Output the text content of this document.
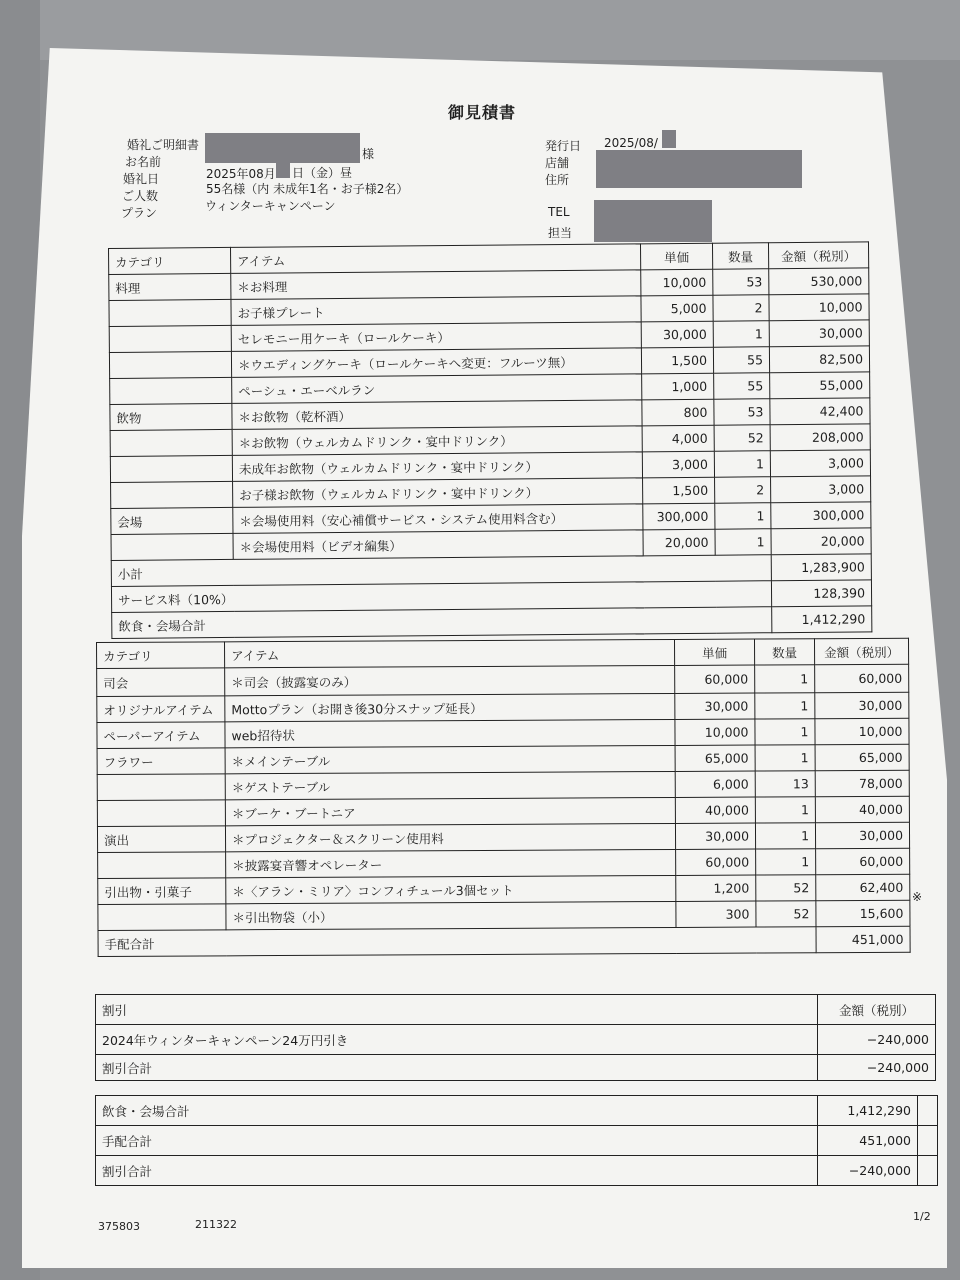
御見積書
婚礼ご明細書
お名前
様
婚礼日	2025年08月 日（金）昼
ご人数	55名様（内 未成年1名・お子様2名）
プラン	ウィンターキャンペーン
発行日 2025/08/
店舗
住所
TEL
担当
カテゴリ	アイテム	単価	数量	金額（税別）
料理	＊お料理	10,000	53	530,000
	お子様プレート	5,000	2	10,000
	セレモニー用ケーキ（ロールケーキ）	30,000	1	30,000
	＊ウエディングケーキ（ロールケーキへ変更：フルーツ無）	1,500	55	82,500
	ペーシュ・エーベルラン	1,000	55	55,000
飲物	＊お飲物（乾杯酒）	800	53	42,400
	＊お飲物（ウェルカムドリンク・宴中ドリンク）	4,000	52	208,000
	未成年お飲物（ウェルカムドリンク・宴中ドリンク）	3,000	1	3,000
	お子様お飲物（ウェルカムドリンク・宴中ドリンク）	1,500	2	3,000
会場	＊会場使用料（安心補償サービス・システム使用料含む）	300,000	1	300,000
	＊会場使用料（ビデオ編集）	20,000	1	20,000
小計				1,283,900
サービス料（10%）				128,390
飲食・会場合計				1,412,290
カテゴリ	アイテム	単価	数量	金額（税別）
司会	＊司会（披露宴のみ）	60,000	1	60,000
オリジナルアイテム	Mottoプラン（お開き後30分スナップ延長）	30,000	1	30,000
ペーパーアイテム	web招待状	10,000	1	10,000
フラワー	＊メインテーブル	65,000	1	65,000
	＊ゲストテーブル	6,000	13	78,000
	＊ブーケ・ブートニア	40,000	1	40,000
演出	＊プロジェクター＆スクリーン使用料	30,000	1	30,000
	＊披露宴音響オペレーター	60,000	1	60,000
引出物・引菓子	＊〈アラン・ミリア〉コンフィチュール3個セット	1,200	52	62,400
	＊引出物袋（小）	300	52	15,600
手配合計				451,000
※
割引	金額（税別）
2024年ウィンターキャンペーン24万円引き	−240,000
割引合計	−240,000
飲食・会場合計	1,412,290	
手配合計	451,000	
割引合計	−240,000	
375803	211322
1/2
